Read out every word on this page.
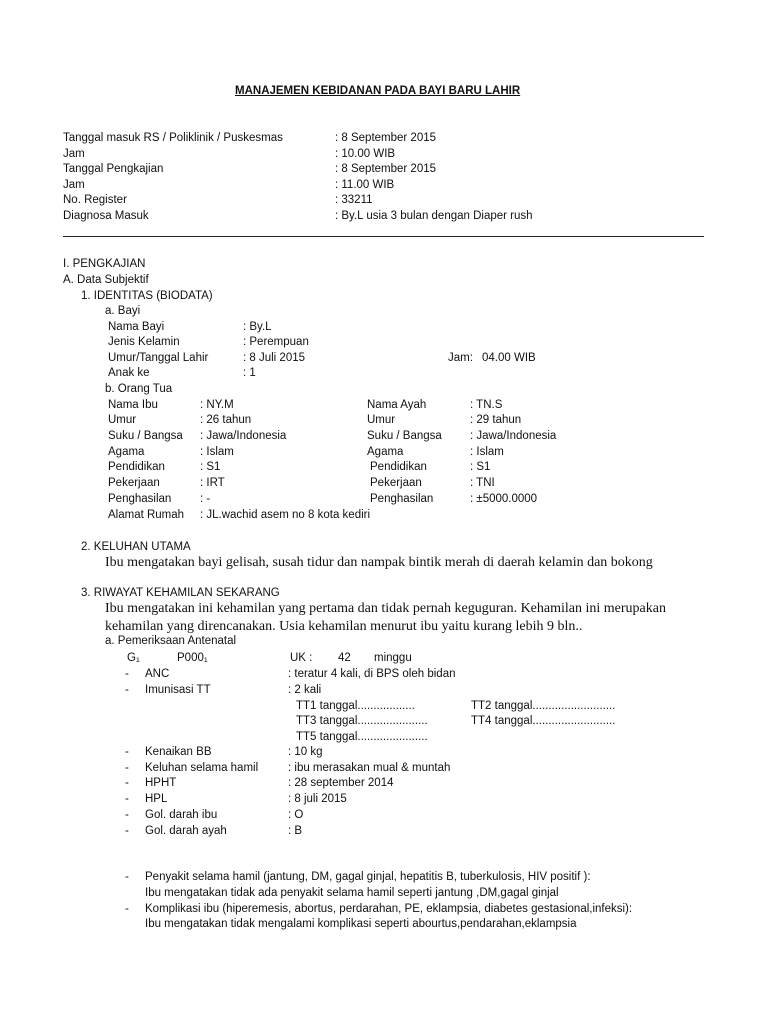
MANAJEMEN KEBIDANAN PADA BAYI BARU LAHIR
Tanggal masuk RS / Poliklinik / Puskesmas	: 8 September 2015
Jam	: 10.00 WIB
Tanggal Pengkajian	: 8 September 2015
Jam	: 11.00 WIB
No. Register	: 33211
Diagnosa Masuk	: By.L usia 3 bulan dengan Diaper rush
I. PENGKAJIAN
A. Data Subjektif
1. IDENTITAS (BIODATA)
a. Bayi
Nama Bayi	: By.L
Jenis Kelamin	: Perempuan
Umur/Tanggal Lahir	: 8 Juli 2015	Jam: 04.00 WIB
Anak ke	: 1
b. Orang Tua
Nama Ibu	: NY.M	Nama Ayah	: TN.S
Umur	: 26 tahun	Umur	: 29 tahun
Suku / Bangsa : Jawa/Indonesia	Suku / Bangsa : Jawa/Indonesia
Agama	: Islam	Agama	: Islam
Pendidikan	: S1	Pendidikan	: S1
Pekerjaan	: IRT	Pekerjaan	: TNI
Penghasilan : -	Penghasilan	: ±5000.0000
Alamat Rumah : JL.wachid asem no 8 kota kediri
2. KELUHAN UTAMA
Ibu mengatakan bayi gelisah, susah tidur dan nampak bintik merah di daerah kelamin dan bokong
3. RIWAYAT KEHAMILAN SEKARANG
Ibu mengatakan ini kehamilan yang pertama dan tidak pernah keguguran. Kehamilan ini merupakan
kehamilan yang direncanakan. Usia kehamilan menurut ibu yaitu kurang lebih 9 bln..
a. Pemeriksaan Antenatal
G₁	P000₁	UK : 42 minggu
- ANC	: teratur 4 kali, di BPS oleh bidan
- Imunisasi TT	: 2 kali
TT1 tanggal..................	TT2 tanggal..........................
TT3 tanggal......................	TT4 tanggal..........................
TT5 tanggal......................
- Kenaikan BB	: 10 kg
- Keluhan selama hamil	: ibu merasakan mual & muntah
- HPHT	: 28 september 2014
- HPL	: 8 juli 2015
- Gol. darah ibu	: O
- Gol. darah ayah	: B
- Penyakit selama hamil (jantung, DM, gagal ginjal, hepatitis B, tuberkulosis, HIV positif ):
Ibu mengatakan tidak ada penyakit selama hamil seperti jantung ,DM,gagal ginjal
- Komplikasi ibu (hiperemesis, abortus, perdarahan, PE, eklampsia, diabetes gestasional,infeksi):
Ibu mengatakan tidak mengalami komplikasi seperti abourtus,pendarahan,eklampsia
